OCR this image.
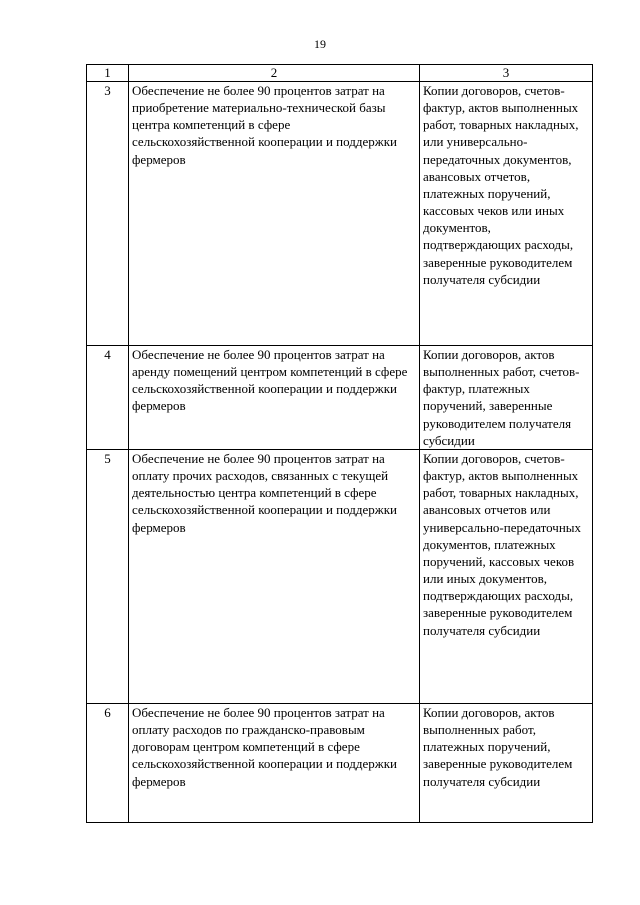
19
1	2	3
3	Обеспечение не более 90 процентов затрат на приобретение материально-технической базы центра компетенций в сфере сельскохозяйственной кооперации и поддержки фермеров	Копии договоров, счетов-фактур, актов выполненных работ, товарных накладных, или универсально-передаточных документов, авансовых отчетов, платежных поручений, кассовых чеков или иных документов, подтверждающих расходы, заверенные руководителем получателя субсидии
4	Обеспечение не более 90 процентов затрат на аренду помещений центром компетенций в сфере сельскохозяйственной кооперации и поддержки фермеров	Копии договоров, актов выполненных работ, счетов-фактур, платежных поручений, заверенные руководителем получателя субсидии
5	Обеспечение не более 90 процентов затрат на оплату прочих расходов, связанных с текущей деятельностью центра компетенций в сфере сельскохозяйственной кооперации и поддержки фермеров	Копии договоров, счетов-фактур, актов выполненных работ, товарных накладных, авансовых отчетов или универсально-передаточных документов, платежных поручений, кассовых чеков или иных документов, подтверждающих расходы, заверенные руководителем получателя субсидии
6	Обеспечение не более 90 процентов затрат на оплату расходов по гражданско-правовым договорам центром компетенций в сфере сельскохозяйственной кооперации и поддержки фермеров	Копии договоров, актов выполненных работ, платежных поручений, заверенные руководителем получателя субсидии
